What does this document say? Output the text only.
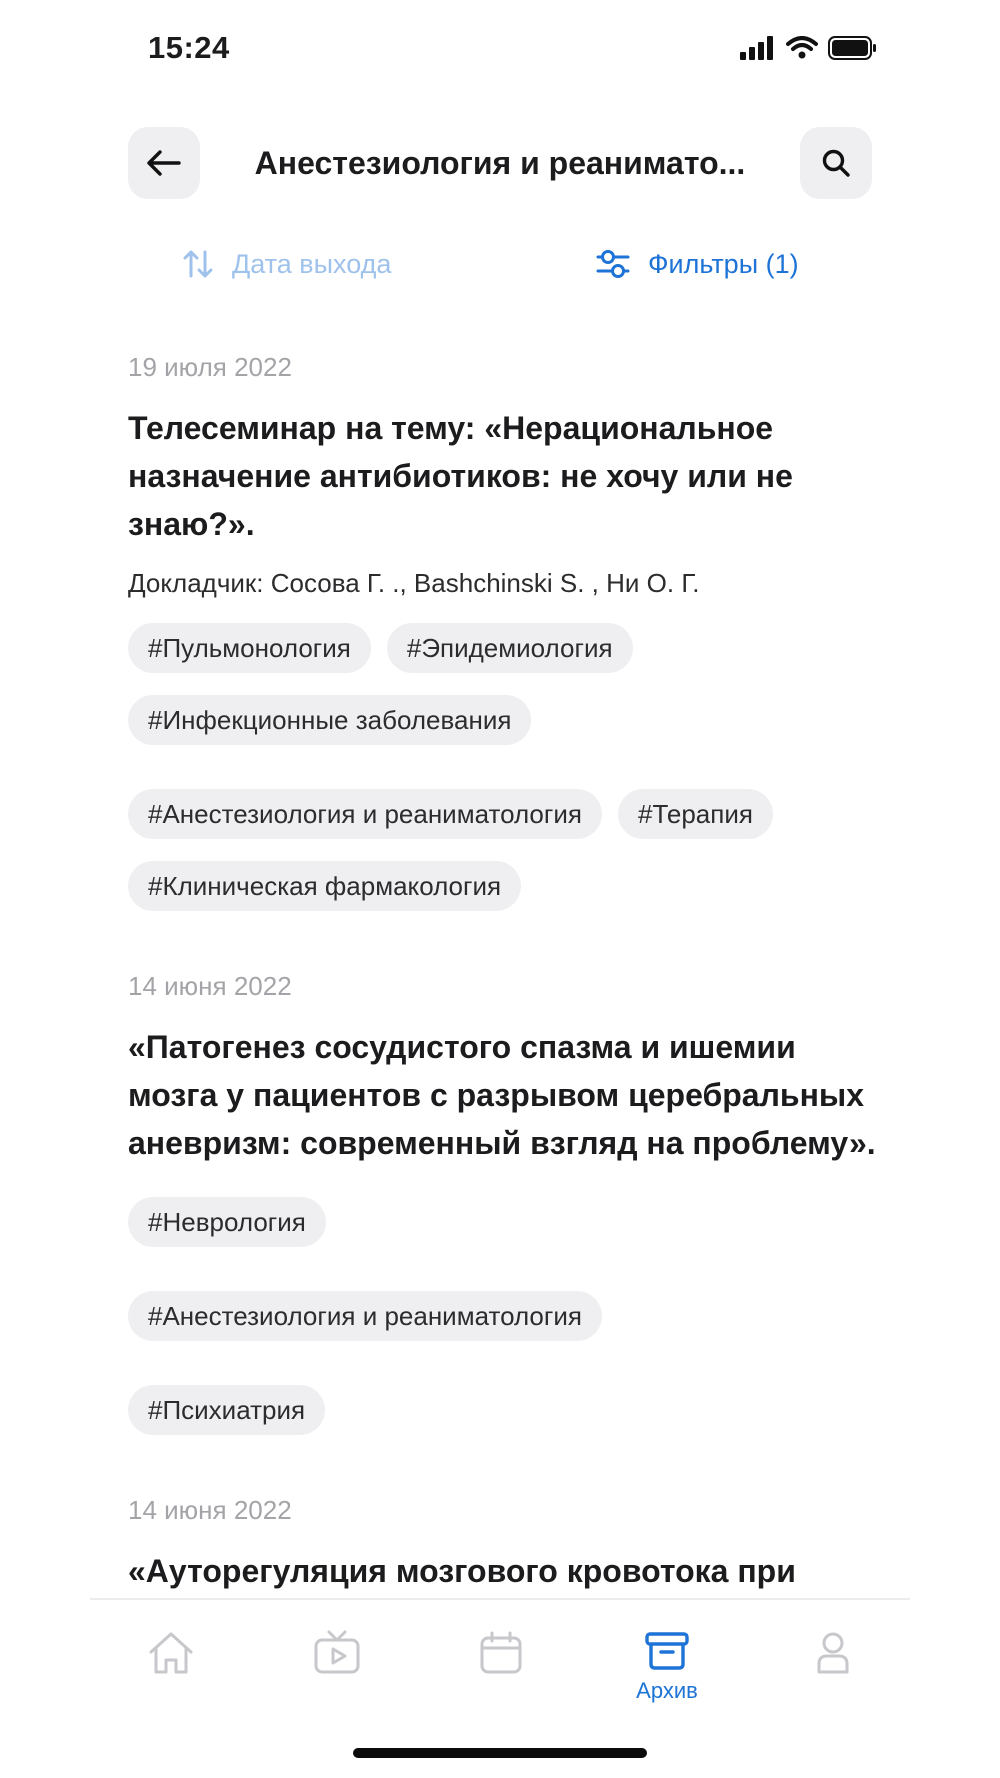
15:24
Анестезиология и реанимато...
Дата выхода	Фильтры (1)
19 июля 2022
Телесеминар на тему: «Нерациональное назначение антибиотиков: не хочу или не знаю?».
Докладчик: Сосова Г. ., Bashchinski S. , Ни О. Г.
#Пульмонология	#Эпидемиология
#Инфекционные заболевания
#Анестезиология и реаниматология	#Терапия
#Клиническая фармакология
14 июня 2022
«Патогенез сосудистого спазма и ишемии мозга у пациентов с разрывом церебральных аневризм: современный взгляд на проблему».
#Неврология
#Анестезиология и реаниматология
#Психиатрия
14 июня 2022
«Ауторегуляция мозгового кровотока при
Архив
